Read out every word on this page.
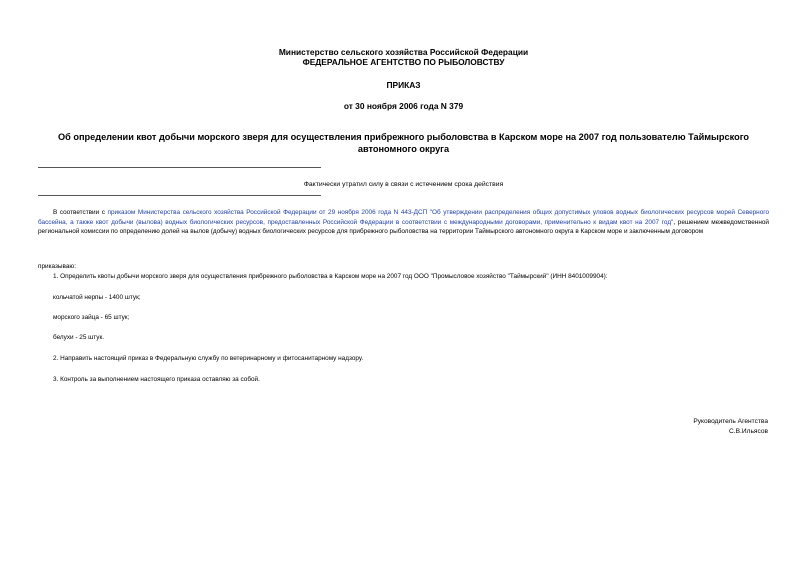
Министерство сельского хозяйства Российской Федерации
ФЕДЕРАЛЬНОЕ АГЕНТСТВО ПО РЫБОЛОВСТВУ
ПРИКАЗ
от 30 ноября 2006 года N 379
Об определении квот добычи морского зверя для осуществления прибрежного рыболовства в Карском море на 2007 год пользователю Таймырского автономного округа
Фактически утратил силу в связи с истечением срока действия
В соответствии с приказом Министерства сельского хозяйства Российской Федерации от 29 ноября 2006 года N 443-ДСП "Об утверждении распределения общих допустимых уловов водных биологических ресурсов морей Северного бассейна, а также квот добычи (вылова) водных биологических ресурсов, предоставленных Российской Федерации в соответствии с международными договорами, применительно к видам квот на 2007 год", решением межведомственной региональной комиссии по определению долей на вылов (добычу) водных биологических ресурсов для прибрежного рыболовства на территории Таймырского автономного округа в Карском море и заключенным договором
приказываю:
1. Определить квоты добычи морского зверя для осуществления прибрежного рыболовства в Карском море на 2007 год ООО "Промысловое хозяйство "Таймырский" (ИНН 8401009904):
кольчатой нерпы - 1400 штук;
морского зайца - 65 штук;
белухи - 25 штук.
2. Направить настоящий приказ в Федеральную службу по ветеринарному и фитосанитарному надзору.
3. Контроль за выполнением настоящего приказа оставляю за собой.
Руководитель Агентства
С.В.Ильясов
